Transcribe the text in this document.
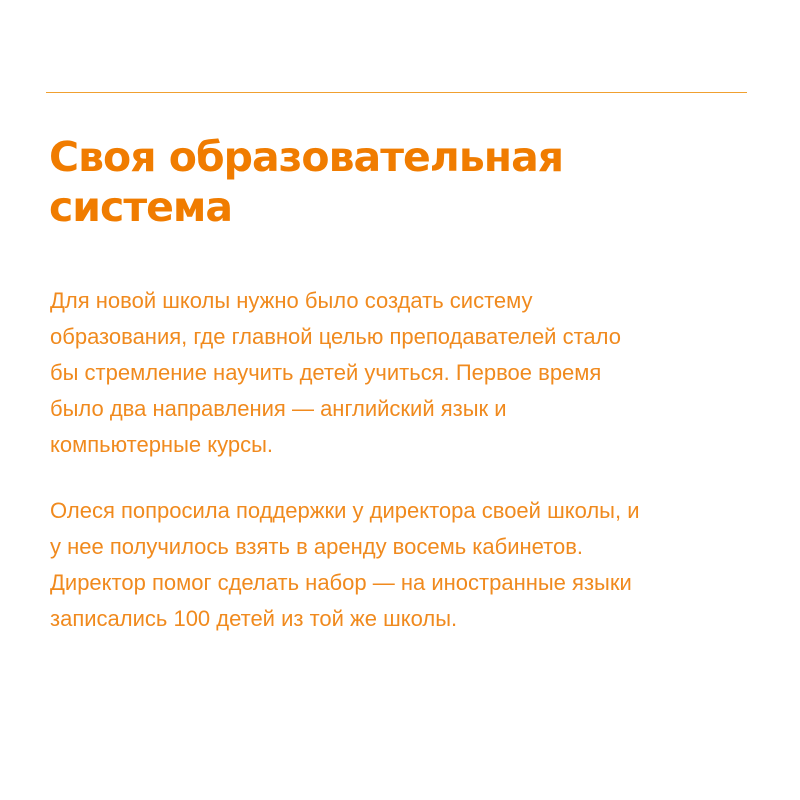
Своя образовательная
система

Для новой школы нужно было создать систему
образования, где главной целью преподавателей стало
бы стремление научить детей учиться. Первое время
было два направления — английский язык и
компьютерные курсы.

Олеся попросила поддержки у директора своей школы, и
у нее получилось взять в аренду восемь кабинетов.
Директор помог сделать набор — на иностранные языки
записались 100 детей из той же школы.
